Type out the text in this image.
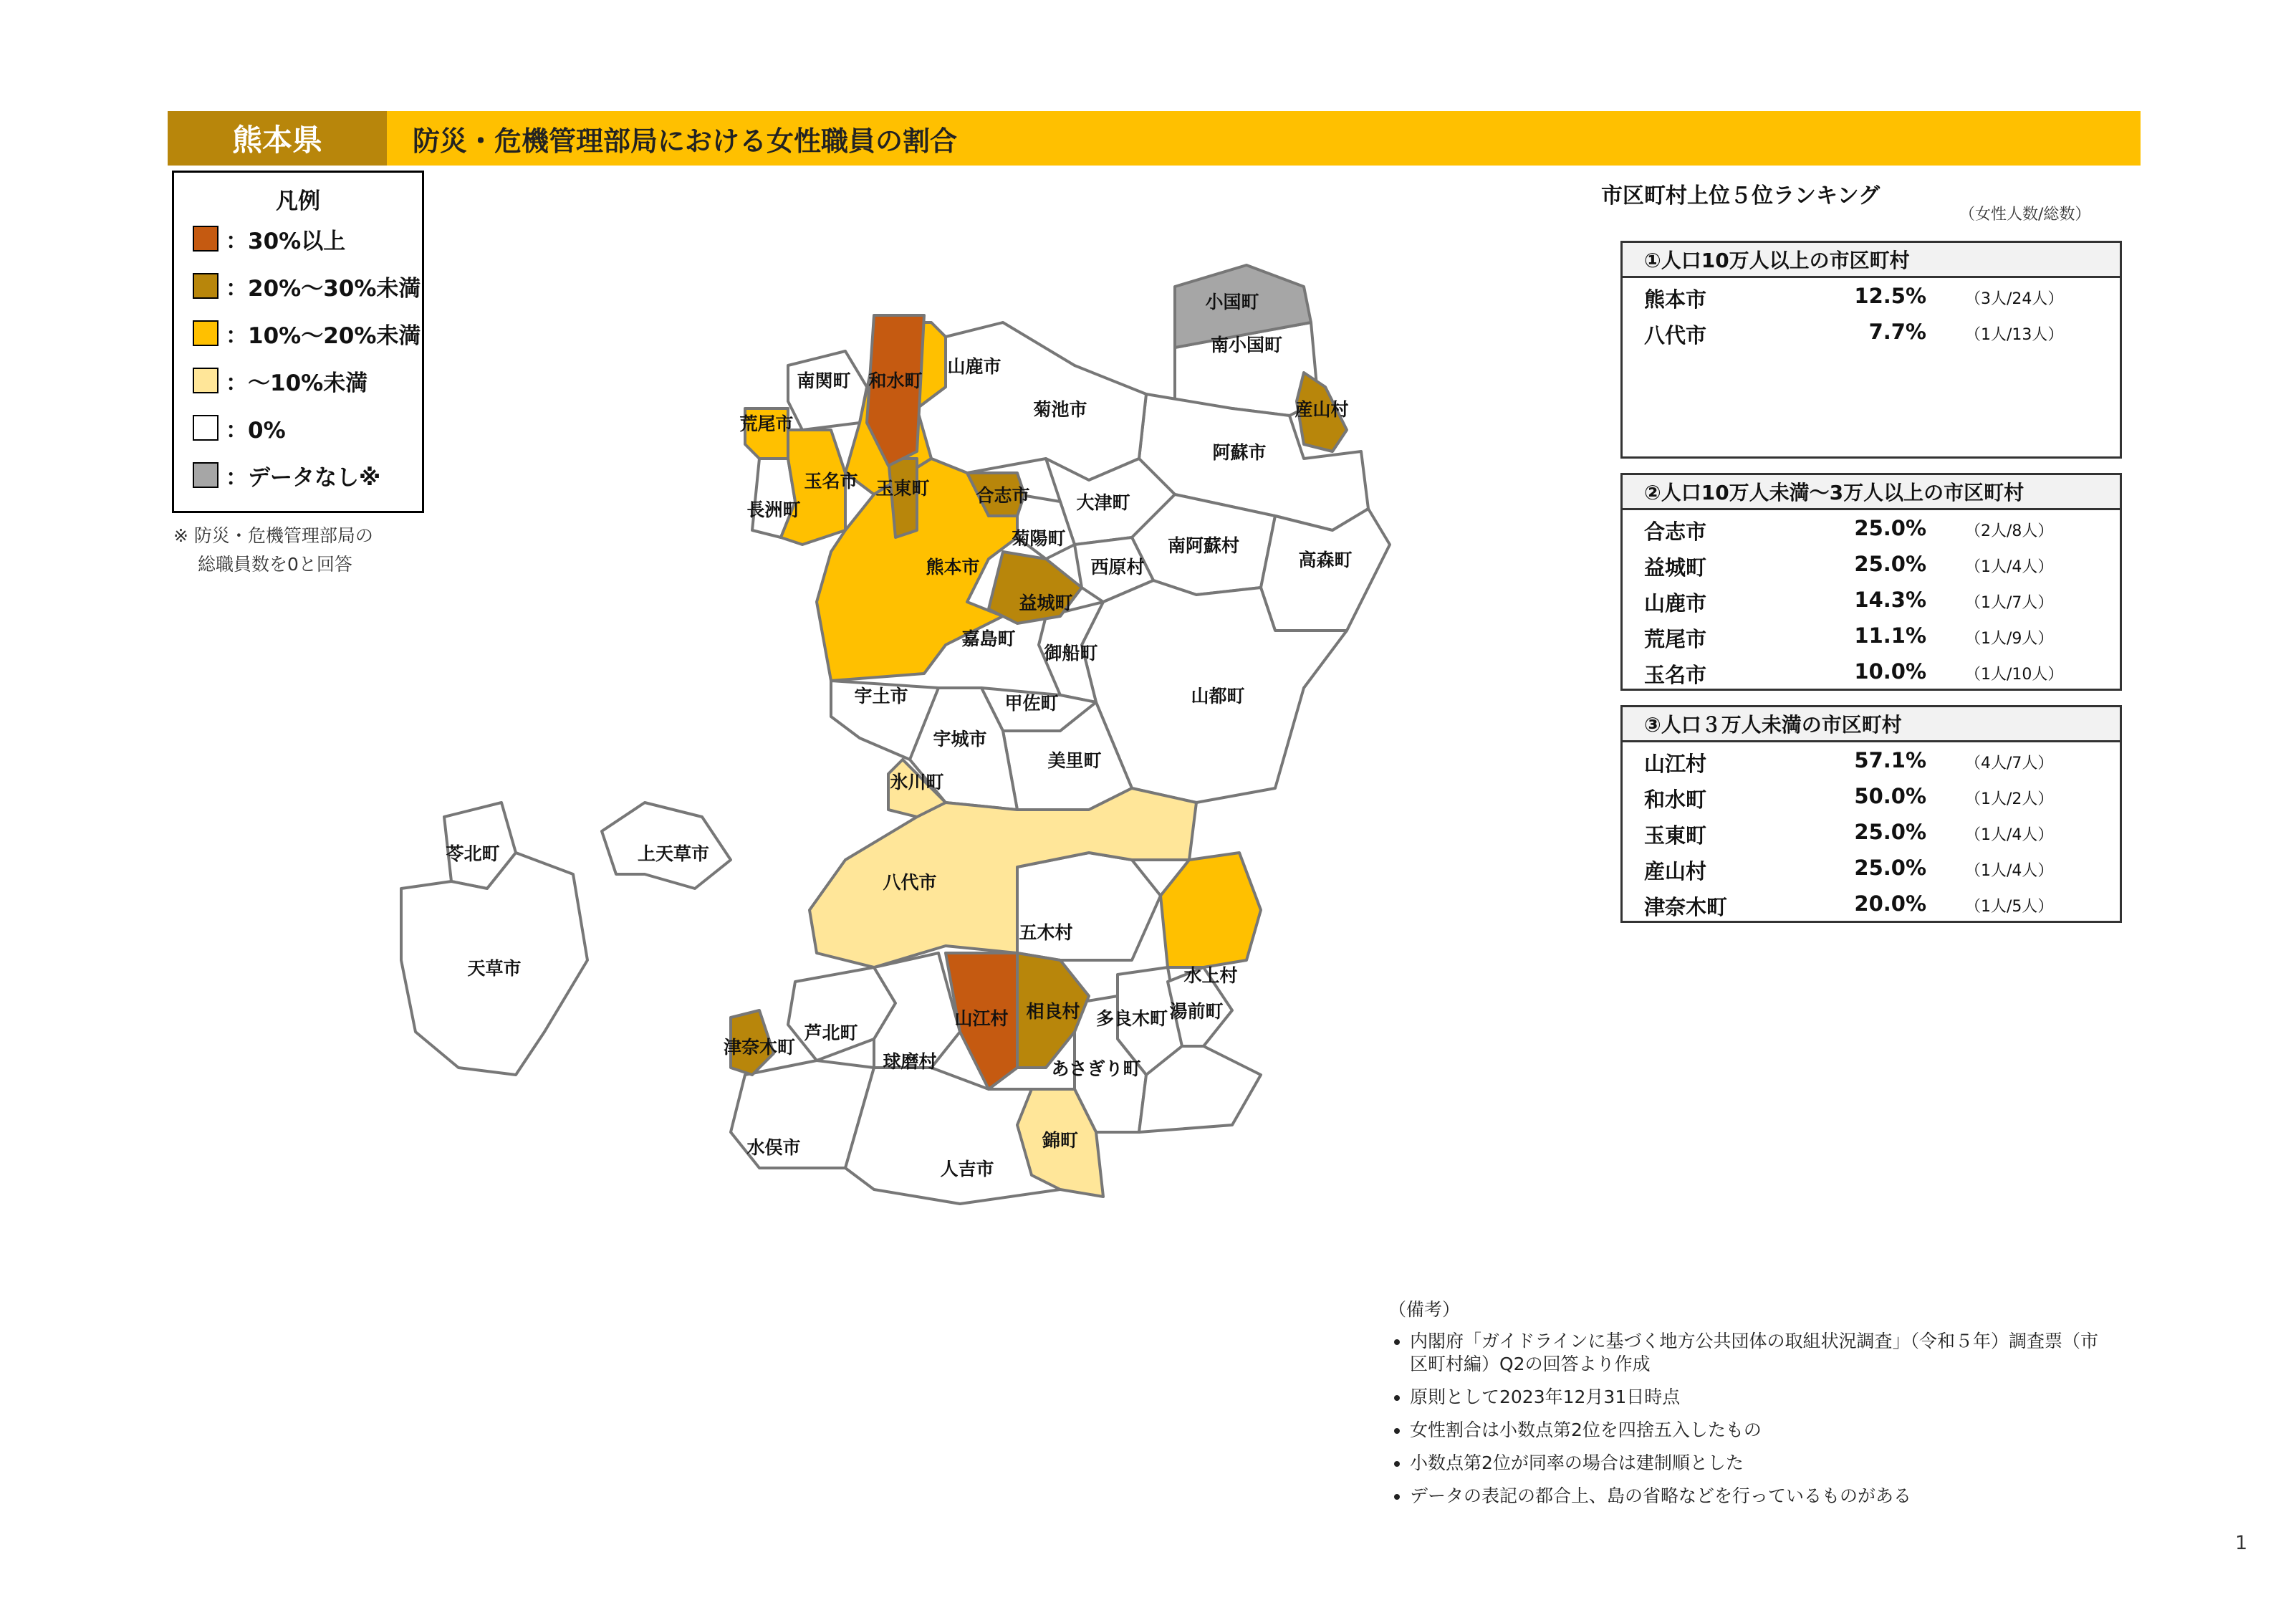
熊本県	防災・危機管理部局における女性職員の割合
凡例
：30%以上
：20%〜30%未満
：10%〜20%未満
：〜10%未満
：0%
：データなし※
※ 防災・危機管理部局の
総職員数を0と回答
和水町
南関町
山鹿市
菊池市
荒尾市
長洲町
玉名市 玉東町	合志市	大津町
菊陽町
熊本市	西原村
南阿蘇村
高森町
益城町
嘉島町
御船町
宇土市	甲佐町	山都町
宇城市
美里町
氷川町
八代市
苓北町	上天草市
天草市
五木村
水上村
山江村 相良村 多良木町
あさぎり町
湯前町
芦北町
球磨村
津奈木町
錦町
水俣市
人吉市
小国町
南小国町
産山村
阿蘇市
市区町村上位５位ランキング
（女性人数/総数）
①人口10万人以上の市区町村
熊本市	12.5% （3人/24人）
八代市	7.7% （1人/13人）
②人口10万人未満〜3万人以上の市区町村
合志市	25.0% （2人/8人）
益城町	25.0% （1人/4人）
山鹿市	14.3% （1人/7人）
荒尾市	11.1% （1人/9人）
玉名市	10.0% （1人/10人）
③人口３万人未満の市区町村
山江村	57.1% （4人/7人）
和水町	50.0% （1人/2人）
玉東町	25.0% （1人/4人）
産山村	25.0% （1人/4人）
津奈木町	20.0% （1人/5人）
（備考）
• 内閣府「ガイドラインに基づく地方公共団体の取組状況調査」（令和５年）調査票（市区町村編）Q2の回答より作成
• 原則として2023年12月31日時点
• 女性割合は小数点第2位を四捨五入したもの
• 小数点第2位が同率の場合は建制順とした
• データの表記の都合上、島の省略などを行っているものがある
1
